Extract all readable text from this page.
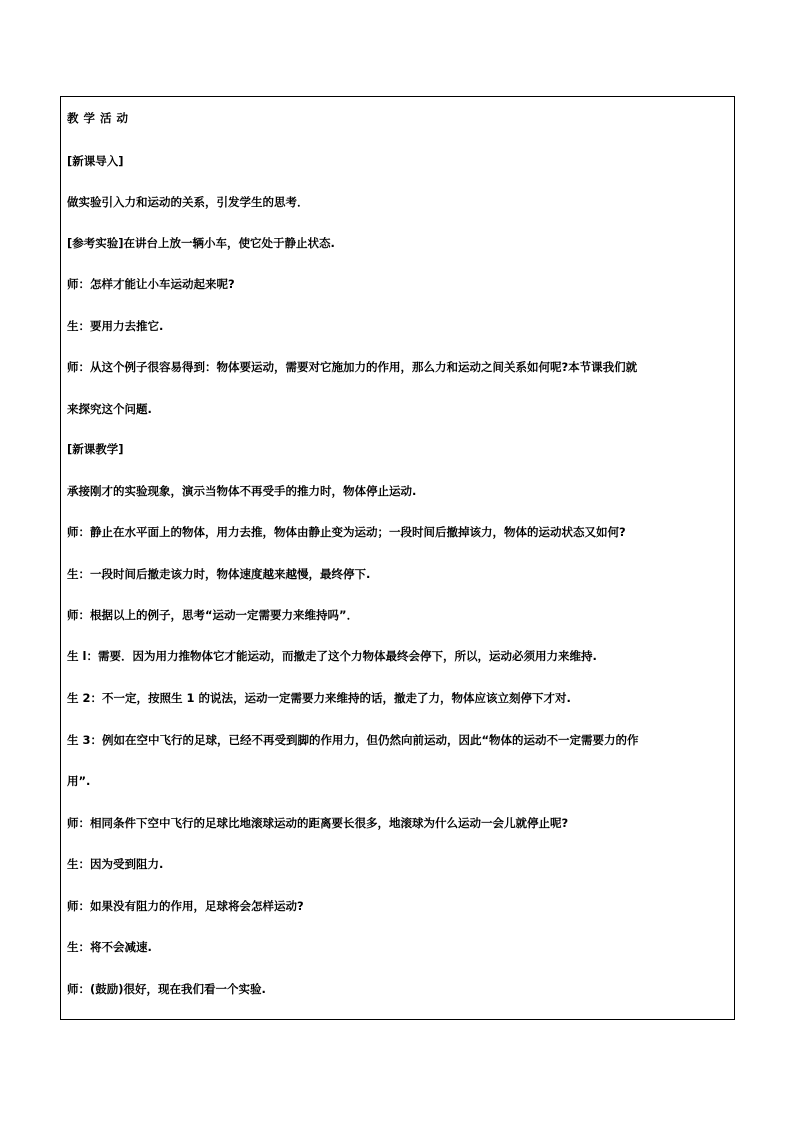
教学活动
[新课导入]
做实验引入力和运动的关系，引发学生的思考．
[参考实验]在讲台上放一辆小车，使它处于静止状态.
师：怎样才能让小车运动起来呢?
生：要用力去推它.
师：从这个例子很容易得到：物体要运动，需要对它施加力的作用，那么力和运动之间关系如何呢?本节课我们就
来探究这个问题.
[新课教学]
承接刚才的实验现象，演示当物体不再受手的推力时，物体停止运动.
师：静止在水平面上的物体，用力去推，物体由静止变为运动；一段时间后撤掉该力，物体的运动状态又如何?
生：一段时间后撤走该力时，物体速度越来越慢，最终停下.
师：根据以上的例子，思考“运动一定需要力来维持吗”．
生 l：需要．因为用力推物体它才能运动，而撤走了这个力物体最终会停下，所以，运动必须用力来维持.
生 2：不一定，按照生 1 的说法，运动一定需要力来维持的话，撤走了力，物体应该立刻停下才对.
生 3：例如在空中飞行的足球，已经不再受到脚的作用力，但仍然向前运动，因此“物体的运动不一定需要力的作
用”.
师：相同条件下空中飞行的足球比地滚球运动的距离要长很多，地滚球为什么运动一会儿就停止呢?
生：因为受到阻力.
师：如果没有阻力的作用，足球将会怎样运动?
生：将不会减速.
师：(鼓励)很好，现在我们看一个实验.
